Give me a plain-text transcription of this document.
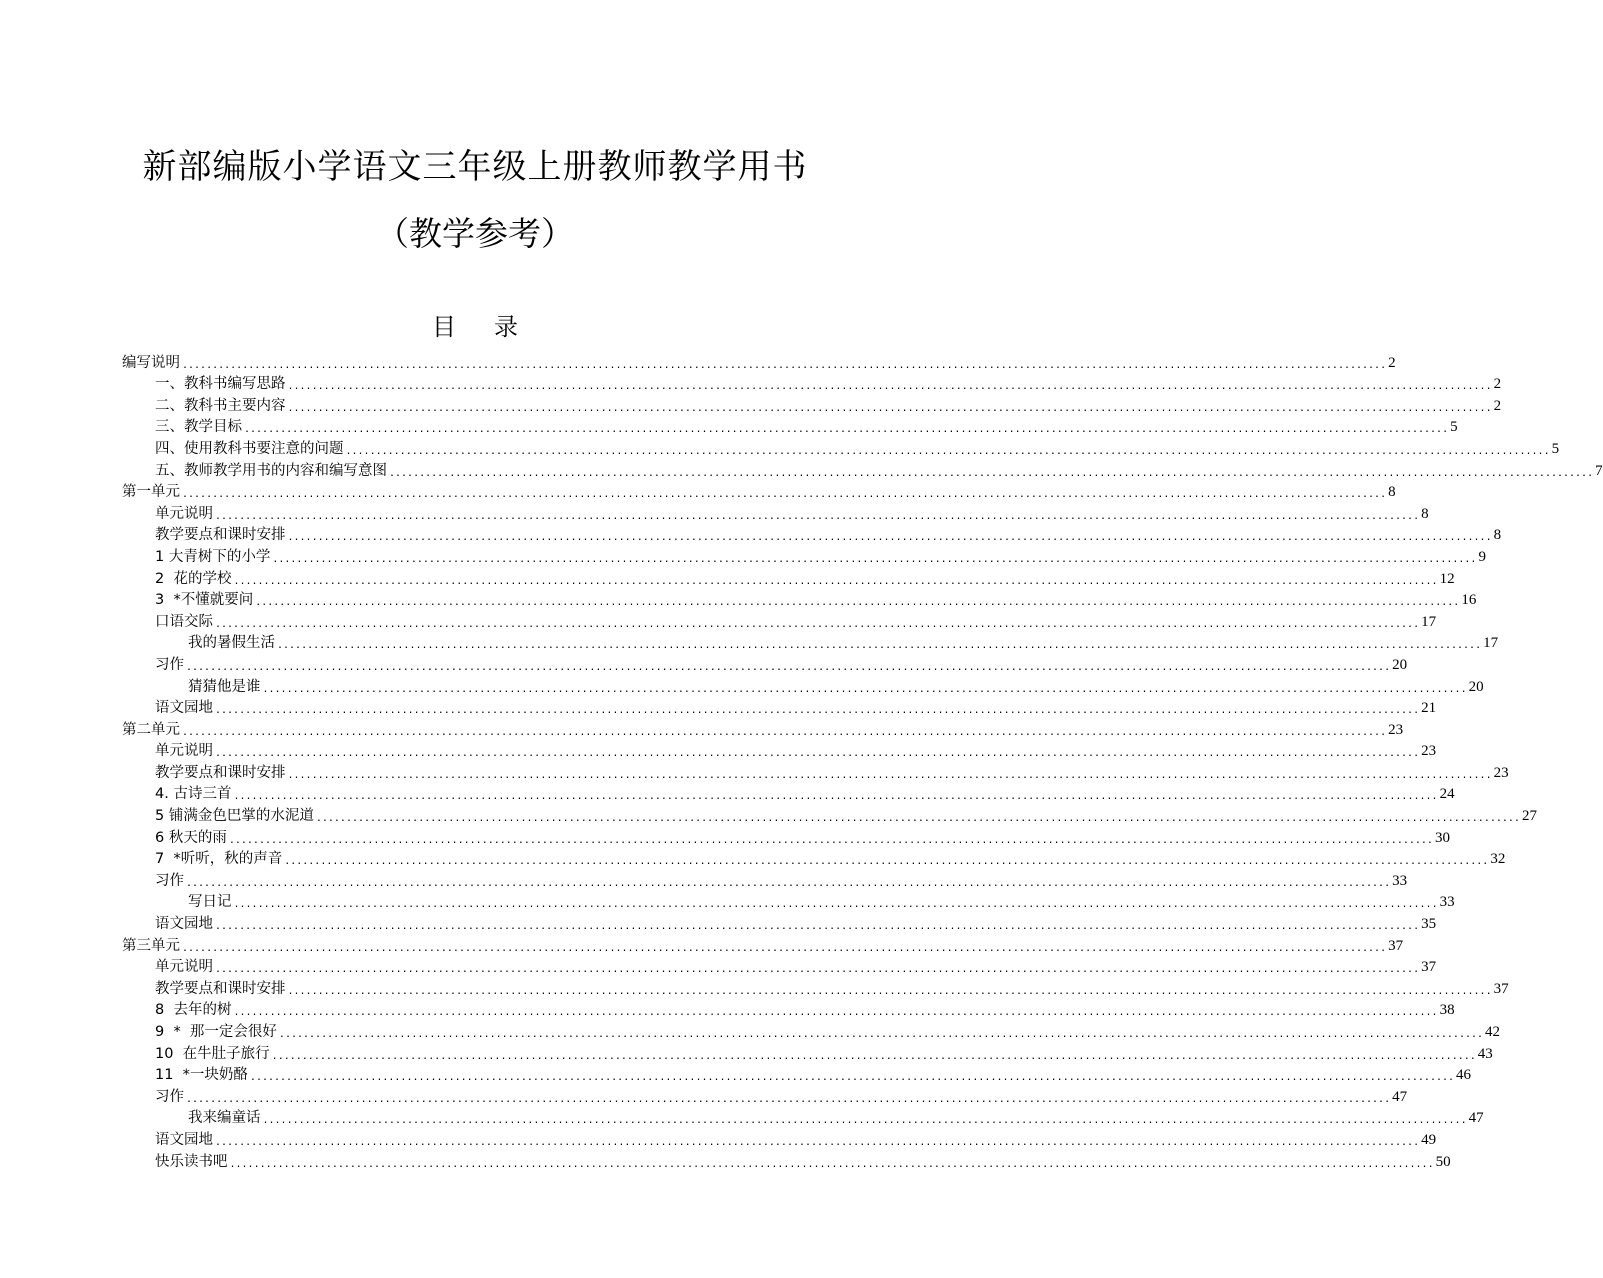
新部编版小学语文三年级上册教师教学用书
（教学参考）
目录
编写说明 ........................................................................................................................................................................................................ 2
一、教科书编写思路 ........................................................................................................................................................................................................ 2
二、教科书主要内容 ........................................................................................................................................................................................................ 2
三、教学目标 ........................................................................................................................................................................................................ 5
四、使用教科书要注意的问题 ........................................................................................................................................................................................................ 5
五、教师教学用书的内容和编写意图 ........................................................................................................................................................................................................ 7
第一单元 ........................................................................................................................................................................................................ 8
单元说明 ........................................................................................................................................................................................................ 8
教学要点和课时安排 ........................................................................................................................................................................................................ 8
1 大青树下的小学 ........................................................................................................................................................................................................ 9
2  花的学校 ........................................................................................................................................................................................................ 12
3  *不懂就要问 ........................................................................................................................................................................................................ 16
口语交际 ........................................................................................................................................................................................................ 17
我的暑假生活 ........................................................................................................................................................................................................ 17
习作 ........................................................................................................................................................................................................ 20
猜猜他是谁 ........................................................................................................................................................................................................ 20
语文园地 ........................................................................................................................................................................................................ 21
第二单元 ........................................................................................................................................................................................................ 23
单元说明 ........................................................................................................................................................................................................ 23
教学要点和课时安排 ........................................................................................................................................................................................................ 23
4. 古诗三首 ........................................................................................................................................................................................................ 24
5 铺满金色巴掌的水泥道 ........................................................................................................................................................................................................ 27
6 秋天的雨 ........................................................................................................................................................................................................ 30
7  *听听，秋的声音 ........................................................................................................................................................................................................ 32
习作 ........................................................................................................................................................................................................ 33
写日记 ........................................................................................................................................................................................................ 33
语文园地 ........................................................................................................................................................................................................ 35
第三单元 ........................................................................................................................................................................................................ 37
单元说明 ........................................................................................................................................................................................................ 37
教学要点和课时安排 ........................................................................................................................................................................................................ 37
8  去年的树 ........................................................................................................................................................................................................ 38
9  *  那一定会很好 ........................................................................................................................................................................................................ 42
10  在牛肚子旅行 ........................................................................................................................................................................................................ 43
11  *一块奶酪 ........................................................................................................................................................................................................ 46
习作 ........................................................................................................................................................................................................ 47
我来编童话 ........................................................................................................................................................................................................ 47
语文园地 ........................................................................................................................................................................................................ 49
快乐读书吧 ........................................................................................................................................................................................................ 50
